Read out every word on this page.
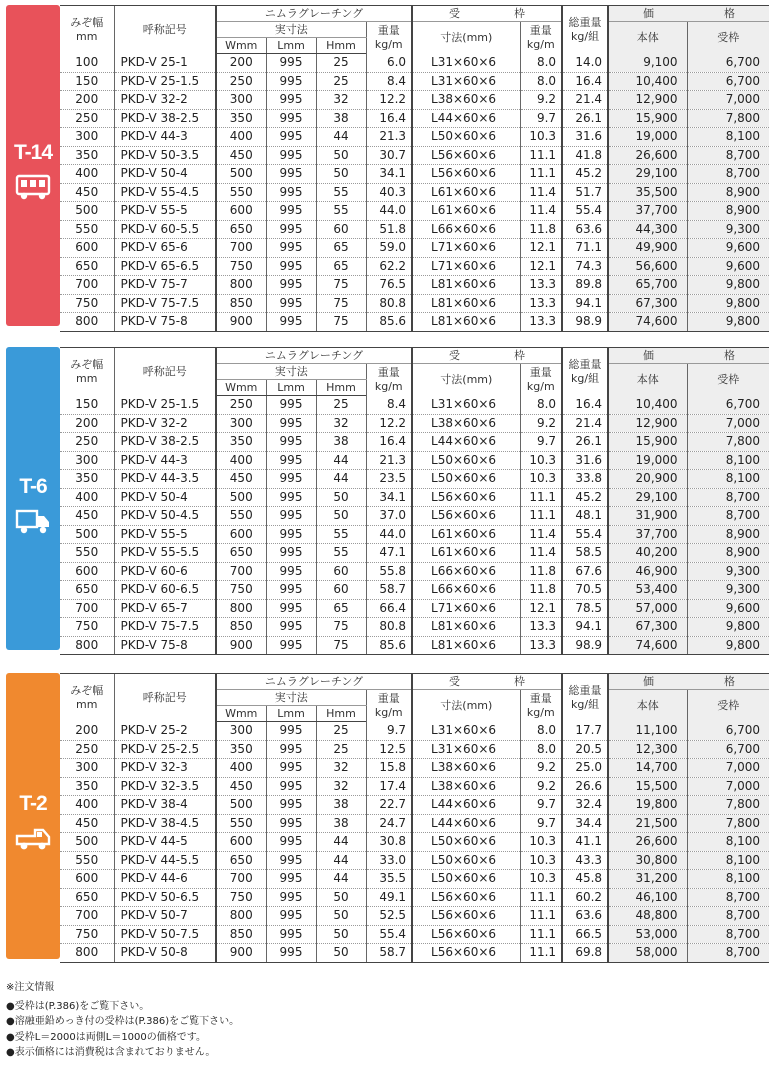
T-14
みぞ幅
mm	呼称記号	ニムラグレーチング				受 枠		総重量
kg/組	価 格	
		実寸法			重量
kg/m	寸法(mm)	重量
kg/m		本体	受枠
		Wmm	Lmm	Hmm						
100	PKD-V 25-1	200	995	25	6.0	L31×60×6	8.0	14.0	9,100	6,700
150	PKD-V 25-1.5	250	995	25	8.4	L31×60×6	8.0	16.4	10,400	6,700
200	PKD-V 32-2	300	995	32	12.2	L38×60×6	9.2	21.4	12,900	7,000
250	PKD-V 38-2.5	350	995	38	16.4	L44×60×6	9.7	26.1	15,900	7,800
300	PKD-V 44-3	400	995	44	21.3	L50×60×6	10.3	31.6	19,000	8,100
350	PKD-V 50-3.5	450	995	50	30.7	L56×60×6	11.1	41.8	26,600	8,700
400	PKD-V 50-4	500	995	50	34.1	L56×60×6	11.1	45.2	29,100	8,700
450	PKD-V 55-4.5	550	995	55	40.3	L61×60×6	11.4	51.7	35,500	8,900
500	PKD-V 55-5	600	995	55	44.0	L61×60×6	11.4	55.4	37,700	8,900
550	PKD-V 60-5.5	650	995	60	51.8	L66×60×6	11.8	63.6	44,300	9,300
600	PKD-V 65-6	700	995	65	59.0	L71×60×6	12.1	71.1	49,900	9,600
650	PKD-V 65-6.5	750	995	65	62.2	L71×60×6	12.1	74.3	56,600	9,600
700	PKD-V 75-7	800	995	75	76.5	L81×60×6	13.3	89.8	65,700	9,800
750	PKD-V 75-7.5	850	995	75	80.8	L81×60×6	13.3	94.1	67,300	9,800
800	PKD-V 75-8	900	995	75	85.6	L81×60×6	13.3	98.9	74,600	9,800
T-6
みぞ幅
mm	呼称記号	ニムラグレーチング				受 枠		総重量
kg/組	価 格	
		実寸法			重量
kg/m	寸法(mm)	重量
kg/m		本体	受枠
		Wmm	Lmm	Hmm						
150	PKD-V 25-1.5	250	995	25	8.4	L31×60×6	8.0	16.4	10,400	6,700
200	PKD-V 32-2	300	995	32	12.2	L38×60×6	9.2	21.4	12,900	7,000
250	PKD-V 38-2.5	350	995	38	16.4	L44×60×6	9.7	26.1	15,900	7,800
300	PKD-V 44-3	400	995	44	21.3	L50×60×6	10.3	31.6	19,000	8,100
350	PKD-V 44-3.5	450	995	44	23.5	L50×60×6	10.3	33.8	20,900	8,100
400	PKD-V 50-4	500	995	50	34.1	L56×60×6	11.1	45.2	29,100	8,700
450	PKD-V 50-4.5	550	995	50	37.0	L56×60×6	11.1	48.1	31,900	8,700
500	PKD-V 55-5	600	995	55	44.0	L61×60×6	11.4	55.4	37,700	8,900
550	PKD-V 55-5.5	650	995	55	47.1	L61×60×6	11.4	58.5	40,200	8,900
600	PKD-V 60-6	700	995	60	55.8	L66×60×6	11.8	67.6	46,900	9,300
650	PKD-V 60-6.5	750	995	60	58.7	L66×60×6	11.8	70.5	53,400	9,300
700	PKD-V 65-7	800	995	65	66.4	L71×60×6	12.1	78.5	57,000	9,600
750	PKD-V 75-7.5	850	995	75	80.8	L81×60×6	13.3	94.1	67,300	9,800
800	PKD-V 75-8	900	995	75	85.6	L81×60×6	13.3	98.9	74,600	9,800
T-2
みぞ幅
mm	呼称記号	ニムラグレーチング				受 枠		総重量
kg/組	価 格	
		実寸法			重量
kg/m	寸法(mm)	重量
kg/m		本体	受枠
		Wmm	Lmm	Hmm						
200	PKD-V 25-2	300	995	25	9.7	L31×60×6	8.0	17.7	11,100	6,700
250	PKD-V 25-2.5	350	995	25	12.5	L31×60×6	8.0	20.5	12,300	6,700
300	PKD-V 32-3	400	995	32	15.8	L38×60×6	9.2	25.0	14,700	7,000
350	PKD-V 32-3.5	450	995	32	17.4	L38×60×6	9.2	26.6	15,500	7,000
400	PKD-V 38-4	500	995	38	22.7	L44×60×6	9.7	32.4	19,800	7,800
450	PKD-V 38-4.5	550	995	38	24.7	L44×60×6	9.7	34.4	21,500	7,800
500	PKD-V 44-5	600	995	44	30.8	L50×60×6	10.3	41.1	26,600	8,100
550	PKD-V 44-5.5	650	995	44	33.0	L50×60×6	10.3	43.3	30,800	8,100
600	PKD-V 44-6	700	995	44	35.5	L50×60×6	10.3	45.8	31,200	8,100
650	PKD-V 50-6.5	750	995	50	49.1	L56×60×6	11.1	60.2	46,100	8,700
700	PKD-V 50-7	800	995	50	52.5	L56×60×6	11.1	63.6	48,800	8,700
750	PKD-V 50-7.5	850	995	50	55.4	L56×60×6	11.1	66.5	53,000	8,700
800	PKD-V 50-8	900	995	50	58.7	L56×60×6	11.1	69.8	58,000	8,700
※注文情報
●受枠は(P.386)をご覧下さい。
●溶融亜鉛めっき付の受枠は(P.386)をご覧下さい。
●受枠L＝2000は両側L＝1000の価格です。
●表示価格には消費税は含まれておりません。
